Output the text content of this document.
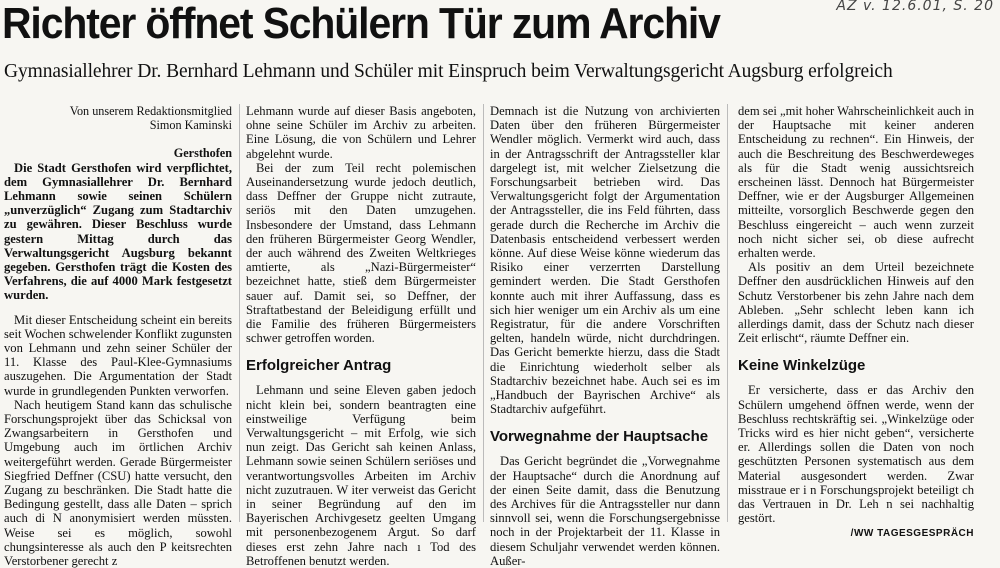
AZ v. 12.6.01, S. 20
Richter öffnet Schülern Tür zum Archiv
Gymnasiallehrer Dr. Bernhard Lehmann und Schüler mit Einspruch beim Verwaltungsgericht Augsburg erfolgreich
Von unserem Redaktionsmitglied
Simon Kaminski
Gersthofen

Die Stadt Gersthofen wird verpflichtet, dem Gymnasiallehrer Dr. Bernhard Lehmann sowie seinen Schülern „unverzüglich“ Zugang zum Stadtarchiv zu gewähren. Dieser Beschluss wurde gestern Mittag durch das Verwaltungsgericht Augsburg bekannt gegeben. Gersthofen trägt die Kosten des Verfahrens, die auf 4000 Mark festgesetzt wurden.

Mit dieser Entscheidung scheint ein bereits seit Wochen schwelender Konflikt zugunsten von Lehmann und zehn seiner Schüler der 11. Klasse des Paul-Klee-Gymnasiums auszugehen. Die Argumentation der Stadt wurde in grundlegenden Punkten verworfen.

Nach heutigem Stand kann das schulische Forschungsprojekt über das Schicksal von Zwangsarbeitern in Gersthofen und Umgebung auch im örtlichen Archiv weitergeführt werden. Gerade Bürgermeister Siegfried Deffner (CSU) hatte versucht, den Zugang zu beschränken. Die Stadt hatte die Bedingung gestellt, dass alle Daten – sprich auch di N anonymisiert werden müssten. Weise sei es möglich, sowohl chungsinteresse als auch den P keitsrechten Verstorbener gerecht z

Lehmann wurde auf dieser Basis angeboten, ohne seine Schüler im Archiv zu arbeiten. Eine Lösung, die von Schülern und Lehrer abgelehnt wurde.

Bei der zum Teil recht polemischen Auseinandersetzung wurde jedoch deutlich, dass Deffner der Gruppe nicht zutraute, seriös mit den Daten umzugehen. Insbesondere der Umstand, dass Lehmann den früheren Bürgermeister Georg Wendler, der auch während des Zweiten Weltkrieges amtierte, als „Nazi-Bürgermeister“ bezeichnet hatte, stieß dem Bürgermeister sauer auf. Damit sei, so Deffner, der Straftatbestand der Beleidigung erfüllt und die Familie des früheren Bürgermeisters schwer getroffen worden.

Erfolgreicher Antrag

Lehmann und seine Eleven gaben jedoch nicht klein bei, sondern beantragten eine einstweilige Verfügung beim Verwaltungsgericht – mit Erfolg, wie sich nun zeigt. Das Gericht sah keinen Anlass, Lehmann sowie seinen Schülern seriöses und verantwortungsvolles Arbeiten im Archiv nicht zuzutrauen. W iter verweist das Gericht in seiner Begründung auf den im Bayerischen Archivgesetz geelten Umgang mit personenbezogenem Argut. So darf dieses erst zehn Jahre nach ı Tod des Betroffenen benutzt werden.

Demnach ist die Nutzung von archivierten Daten über den früheren Bürgermeister Wendler möglich. Vermerkt wird auch, dass in der Antragsschrift der Antragssteller klar dargelegt ist, mit welcher Zielsetzung die Forschungsarbeit betrieben wird. Das Verwaltungsgericht folgt der Argumentation der Antragssteller, die ins Feld führten, dass gerade durch die Recherche im Archiv die Datenbasis entscheidend verbessert werden könne. Auf diese Weise könne wiederum das Risiko einer verzerrten Darstellung gemindert werden. Die Stadt Gersthofen konnte auch mit ihrer Auffassung, dass es sich hier weniger um ein Archiv als um eine Registratur, für die andere Vorschriften gelten, handeln würde, nicht durchdringen. Das Gericht bemerkte hierzu, dass die Stadt die Einrichtung wiederholt selber als Stadtarchiv bezeichnet habe. Auch sei es im „Handbuch der Bayrischen Archive“ als Stadtarchiv aufgeführt.

Vorwegnahme der Hauptsache

Das Gericht begründet die „Vorwegnahme der Hauptsache“ durch die Anordnung auf der einen Seite damit, dass die Benutzung des Archives für die Antragssteller nur dann sinnvoll sei, wenn die Forschungsergebnisse noch in der Projektarbeit der 11. Klasse in diesem Schuljahr verwendet werden können. Außer-

dem sei „mit hoher Wahrscheinlichkeit auch in der Hauptsache mit keiner anderen Entscheidung zu rechnen“. Ein Hinweis, der auch die Beschreitung des Beschwerdeweges als für die Stadt wenig aussichtsreich erscheinen lässt. Dennoch hat Bürgermeister Deffner, wie er der Augsburger Allgemeinen mitteilte, vorsorglich Beschwerde gegen den Beschluss eingereicht – auch wenn zurzeit noch nicht sicher sei, ob diese aufrecht erhalten werde.

Als positiv an dem Urteil bezeichnete Deffner den ausdrücklichen Hinweis auf den Schutz Verstorbener bis zehn Jahre nach dem Ableben. „Sehr schlecht leben kann ich allerdings damit, dass der Schutz nach dieser Zeit erlischt“, räumte Deffner ein.

Keine Winkelzüge

Er versicherte, dass er das Archiv den Schülern umgehend öffnen werde, wenn der Beschluss rechtskräftig sei. „Winkelzüge oder Tricks wird es hier nicht geben“, versicherte er. Allerdings sollen die Daten von noch geschützten Personen systematisch aus dem Material ausgesondert werden. Zwar misstraue er i n Forschungsprojekt beteiligt ch das Vertrauen in Dr. Leh n sei nachhaltig gestört.

/WW TAGESGESPRÄCH
